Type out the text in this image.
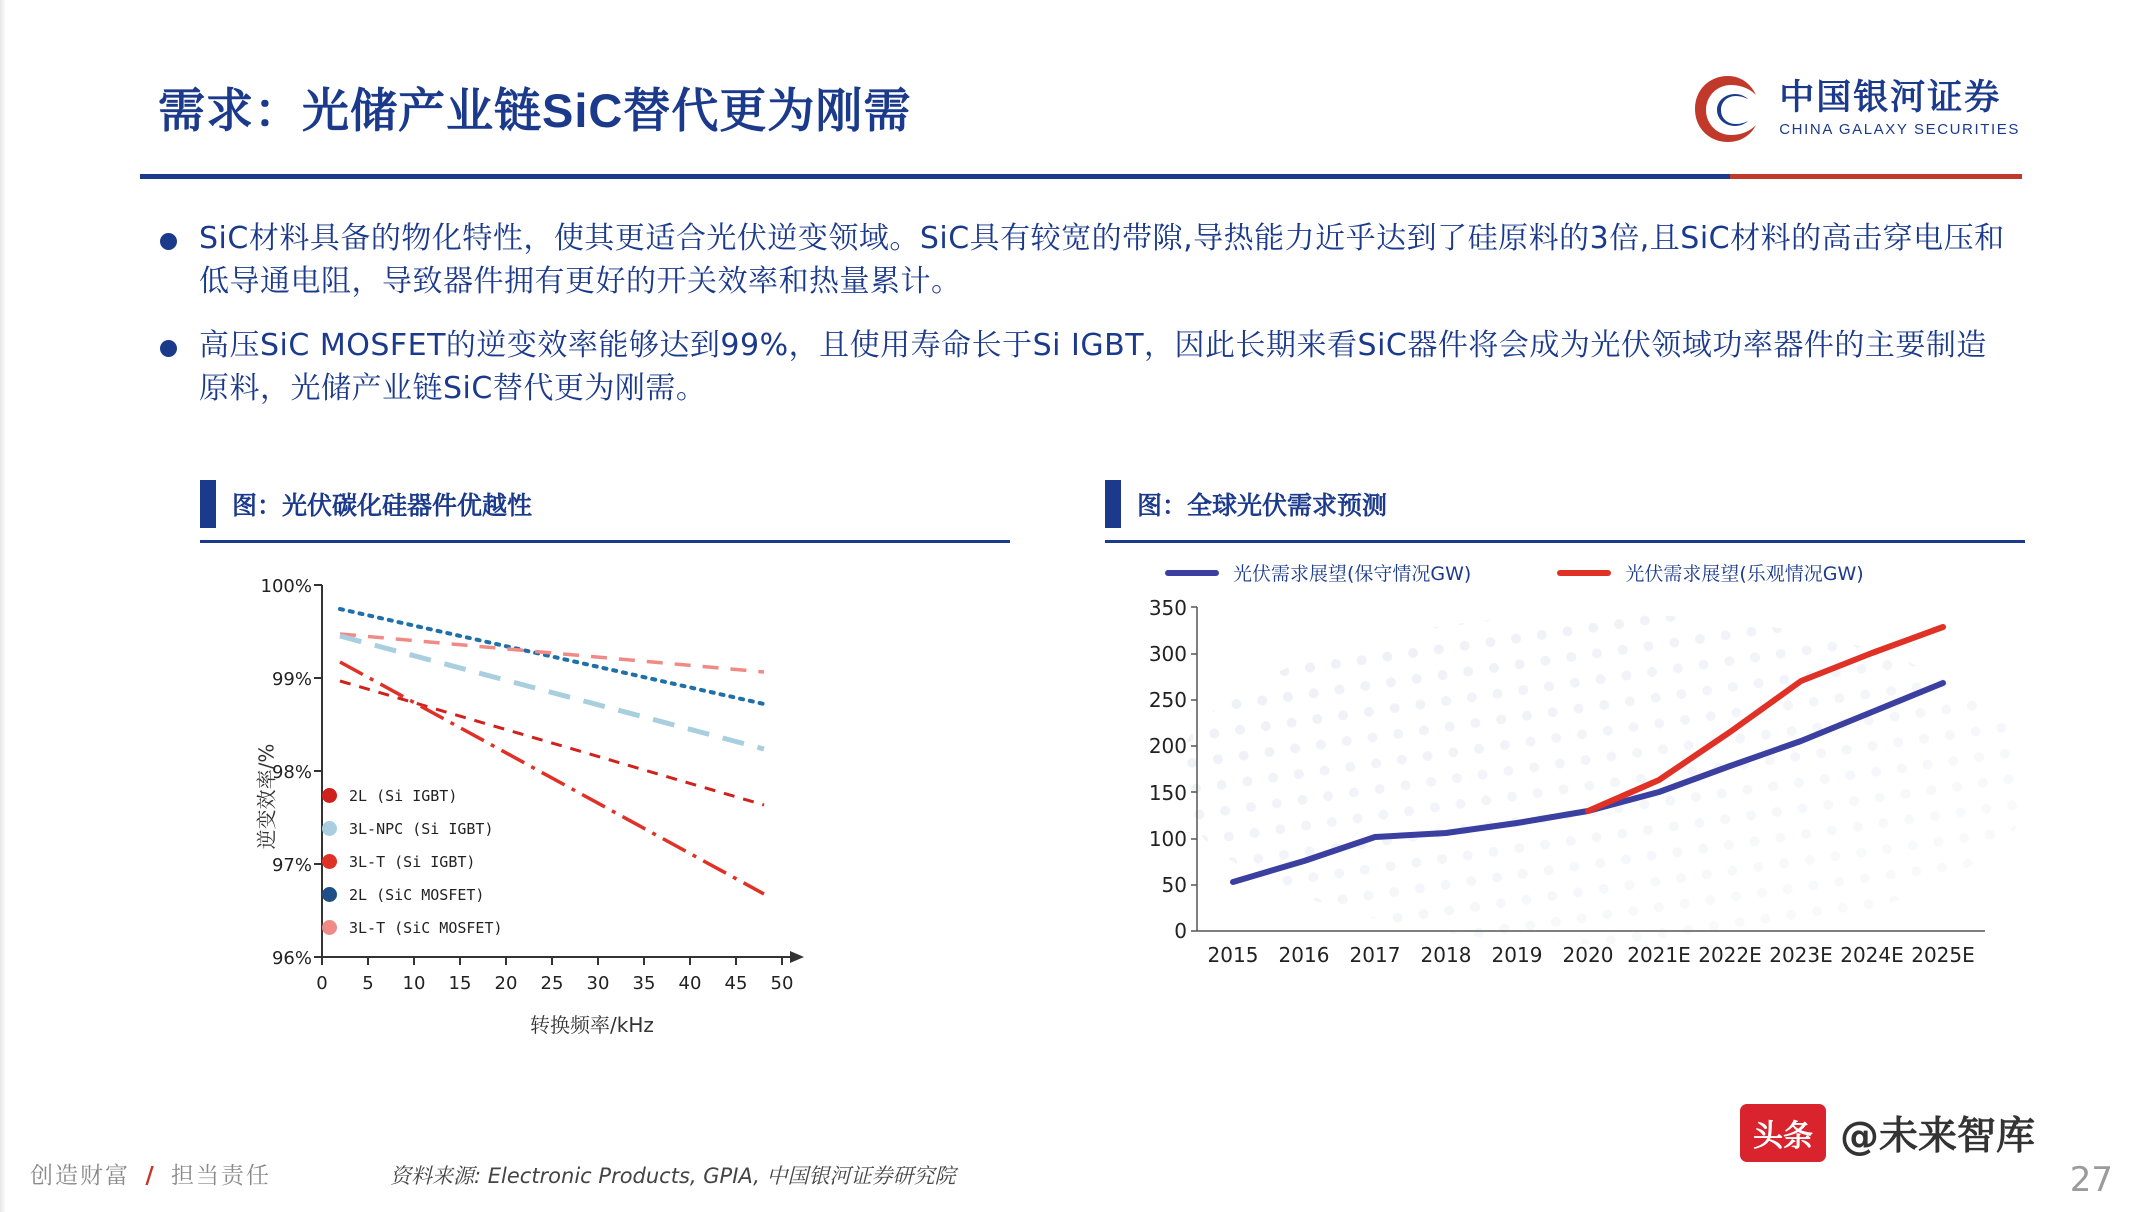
需求：光储产业链SiC替代更为刚需	中国银河证券
CHINA GALAXY SECURITIES
SiC材料具备的物化特性，使其更适合光伏逆变领域。SiC具有较宽的带隙,导热能力近乎达到了硅原料的3倍,且SiC材料的高击穿电压和低导通电阻，导致器件拥有更好的开关效率和热量累计。
高压SiC MOSFET的逆变效率能够达到99%，且使用寿命长于Si IGBT，因此长期来看SiC器件将会成为光伏领域功率器件的主要制造原料，光储产业链SiC替代更为刚需。
图：光伏碳化硅器件优越性
100%
99%
98%
97%
96%
0 5 10 15 20 25 30 35 40 45 50
逆变效率/%
转换频率/kHz
2L (Si IGBT)
3L-NPC (Si IGBT)
3L-T (Si IGBT)
2L (SiC MOSFET)
3L-T (SiC MOSFET)
图：全球光伏需求预测
光伏需求展望(保守情况GW)	光伏需求展望(乐观情况GW)
0
50
100
150
200
250
300
350
2015 2016 2017 2018 2019 2020 2021E 2022E 2023E 2024E 2025E
创造财富 / 担当责任	资料来源: Electronic Products, GPIA, 中国银河证券研究院
头条 @未来智库
27
